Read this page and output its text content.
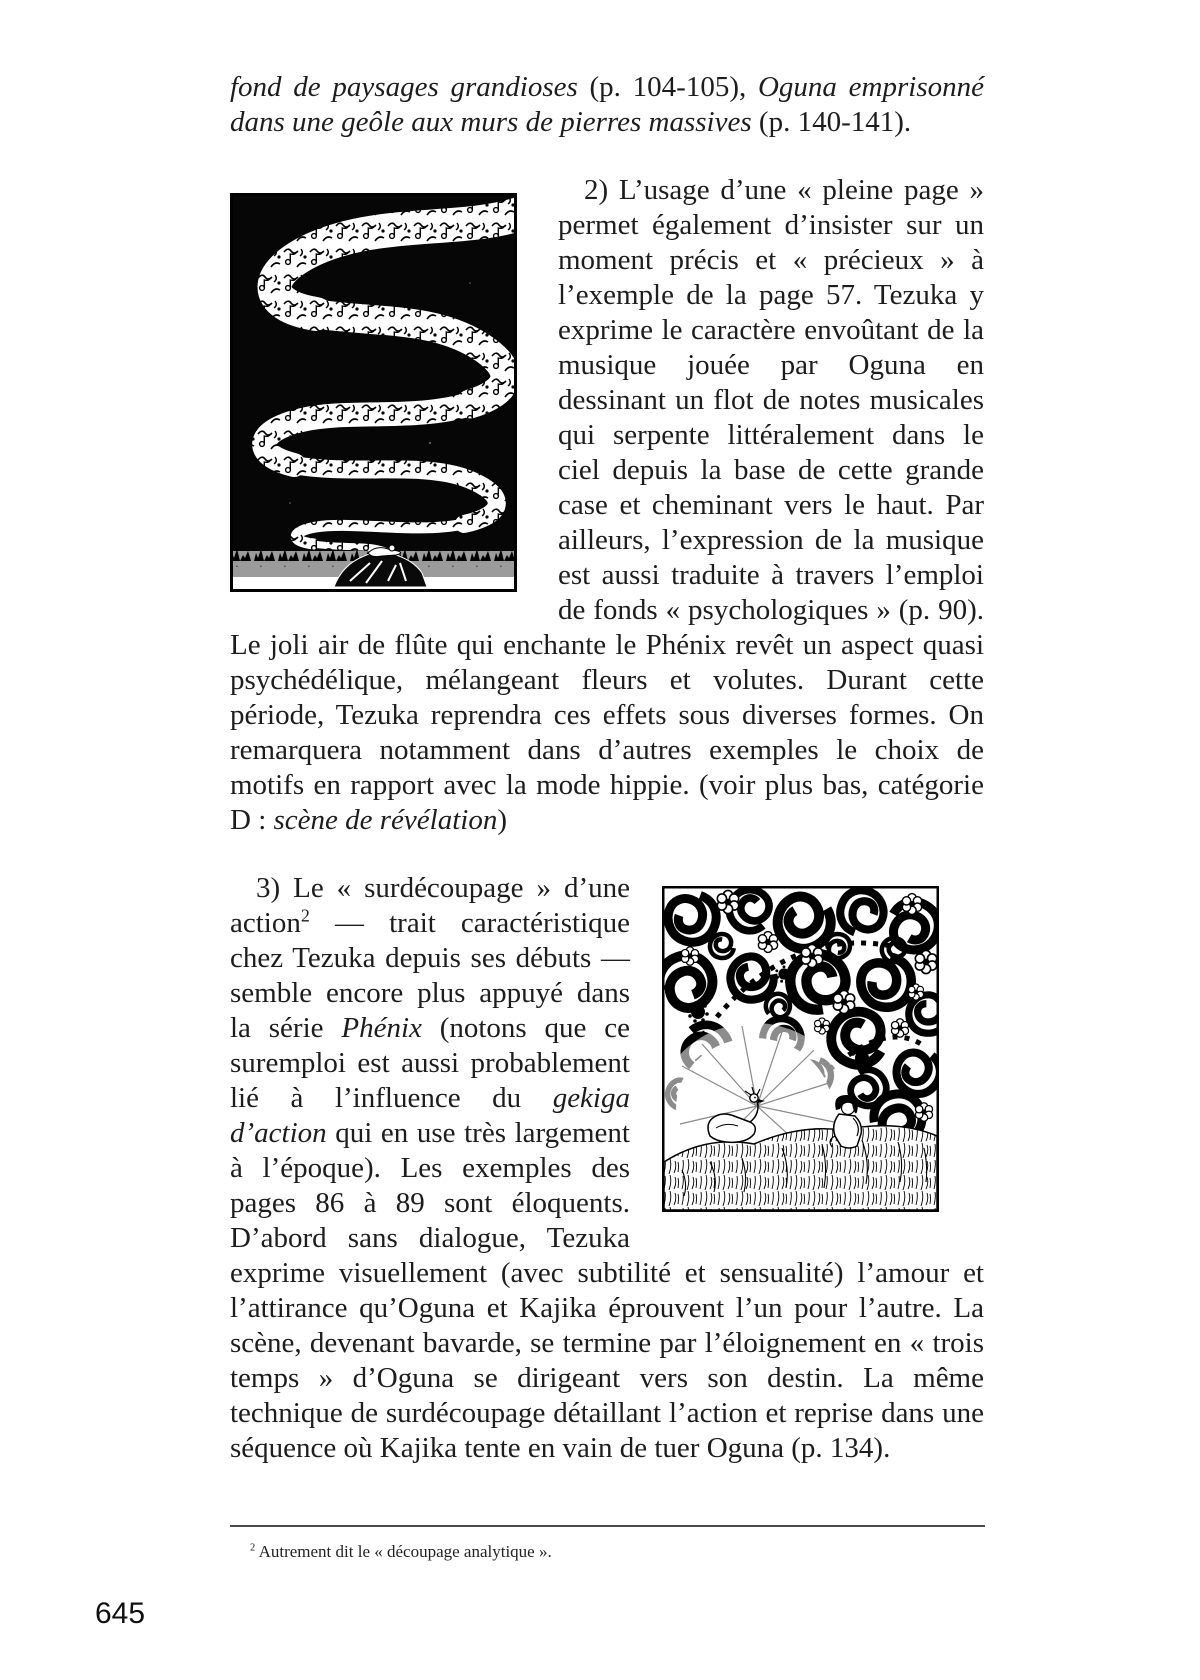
fond de paysages grandioses (p. 104-105), Oguna emprisonné dans une geôle aux murs de pierres massives (p. 140-141).

2) L’usage d’une « pleine page » permet également d’insister sur un moment précis et « précieux » à l’exemple de la page 57. Tezuka y exprime le caractère envoûtant de la musique jouée par Oguna en dessinant un flot de notes musicales qui serpente littéralement dans le ciel depuis la base de cette grande case et cheminant vers le haut. Par ailleurs, l’expression de la musique est aussi traduite à travers l’emploi de fonds « psychologiques » (p. 90). Le joli air de flûte qui enchante le Phénix revêt un aspect quasi psychédélique, mélangeant fleurs et volutes. Durant cette période, Tezuka reprendra ces effets sous diverses formes. On remarquera notamment dans d’autres exemples le choix de motifs en rapport avec la mode hippie. (voir plus bas, catégorie D : scène de révélation)

3) Le « surdécoupage » d’une action$^2$ — trait caractéristique chez Tezuka depuis ses débuts — semble encore plus appuyé dans la série Phénix (notons que ce suremploi est aussi probablement lié à l’influence du gekiga d’action qui en use très largement à l’époque). Les exemples des pages 86 à 89 sont éloquents. D’abord sans dialogue, Tezuka exprime visuellement (avec subtilité et sensualité) l’amour et l’attirance qu’Oguna et Kajika éprouvent l’un pour l’autre. La scène, devenant bavarde, se termine par l’éloignement en « trois temps » d’Oguna se dirigeant vers son destin. La même technique de surdécoupage détaillant l’action et reprise dans une séquence où Kajika tente en vain de tuer Oguna (p. 134).

$^2$ Autrement dit le « découpage analytique ».

645
